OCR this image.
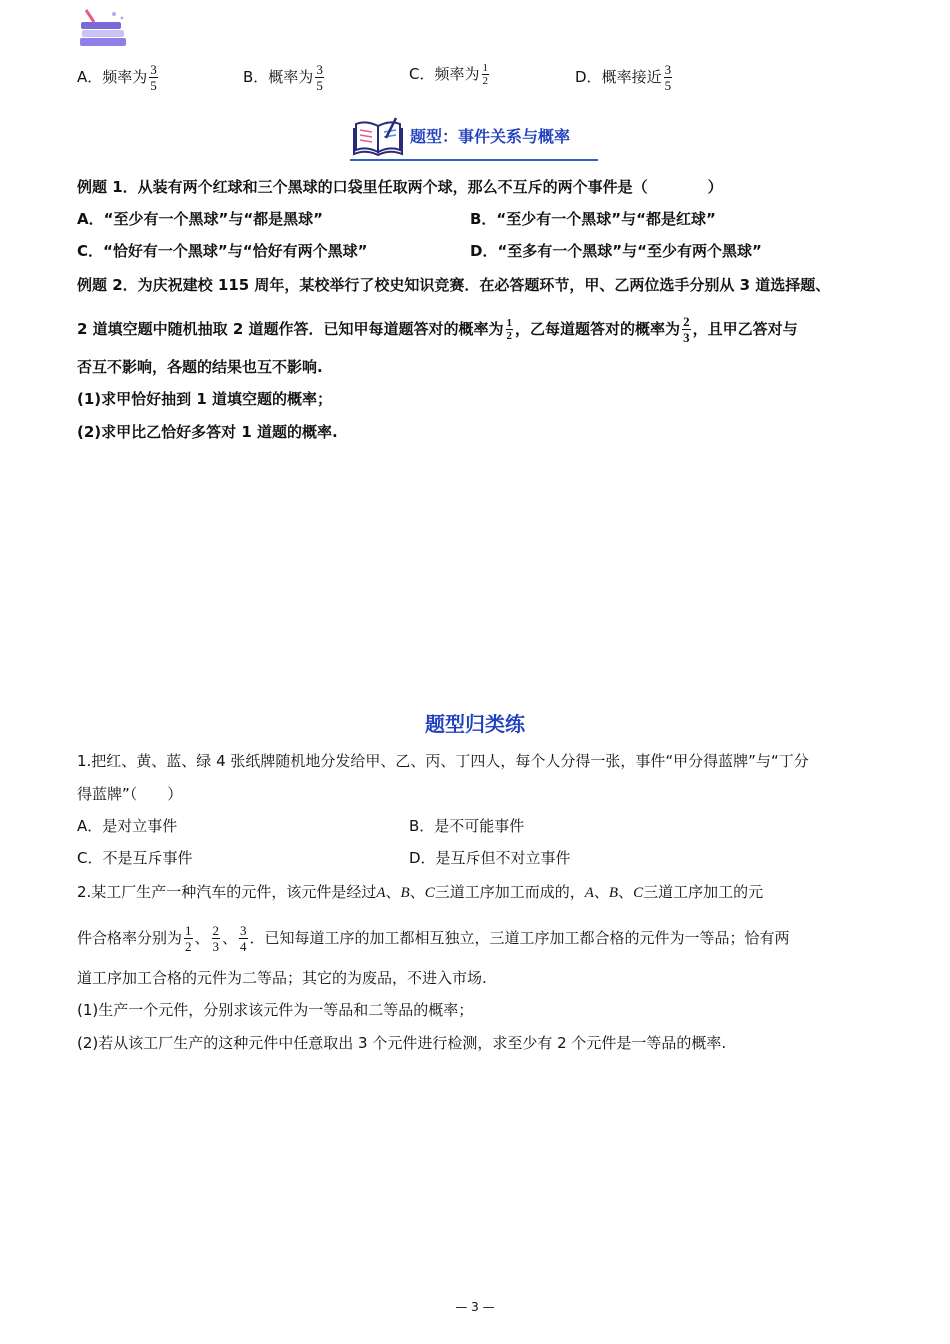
A．频率为 $\frac{3}{5}$	B．概率为 $\frac{3}{5}$	C．频率为 $\frac{1}{2}$	D．概率接近 $\frac{3}{5}$
题型：事件关系与概率
例题 1．从装有两个红球和三个黑球的口袋里任取两个球，那么不互斥的两个事件是（　　　　）
A．“至少有一个黑球”与“都是黑球”	B．“至少有一个黑球”与“都是红球”
C．“恰好有一个黑球”与“恰好有两个黑球”	D．“至多有一个黑球”与“至少有两个黑球”
例题 2．为庆祝建校 115 周年，某校举行了校史知识竞赛．在必答题环节，甲、乙两位选手分别从 3 道选择题、
2 道填空题中随机抽取 2 道题作答．已知甲每道题答对的概率为 $\frac{1}{2}$ ，乙每道题答对的概率为 $\frac{2}{3}$ ，且甲乙答对与
否互不影响，各题的结果也互不影响.
(1)求甲恰好抽到 1 道填空题的概率；
(2)求甲比乙恰好多答对 1 道题的概率.
题型归类练
1.把红、黄、蓝、绿 4 张纸牌随机地分发给甲、乙、丙、丁四人，每个人分得一张，事件“甲分得蓝牌”与“丁分
得蓝牌”（　　）
A．是对立事件	B．是不可能事件
C．不是互斥事件	D．是互斥但不对立事件
2.某工厂生产一种汽车的元件，该元件是经过A、B、C三道工序加工而成的，A、B、C三道工序加工的元
件合格率分别为 $\frac{1}{2}$ 、 $\frac{2}{3}$ 、 $\frac{3}{4}$ ．已知每道工序的加工都相互独立，三道工序加工都合格的元件为一等品；恰有两
道工序加工合格的元件为二等品；其它的为废品，不进入市场.
(1)生产一个元件，分别求该元件为一等品和二等品的概率；
(2)若从该工厂生产的这种元件中任意取出 3 个元件进行检测，求至少有 2 个元件是一等品的概率.
— 3 —
